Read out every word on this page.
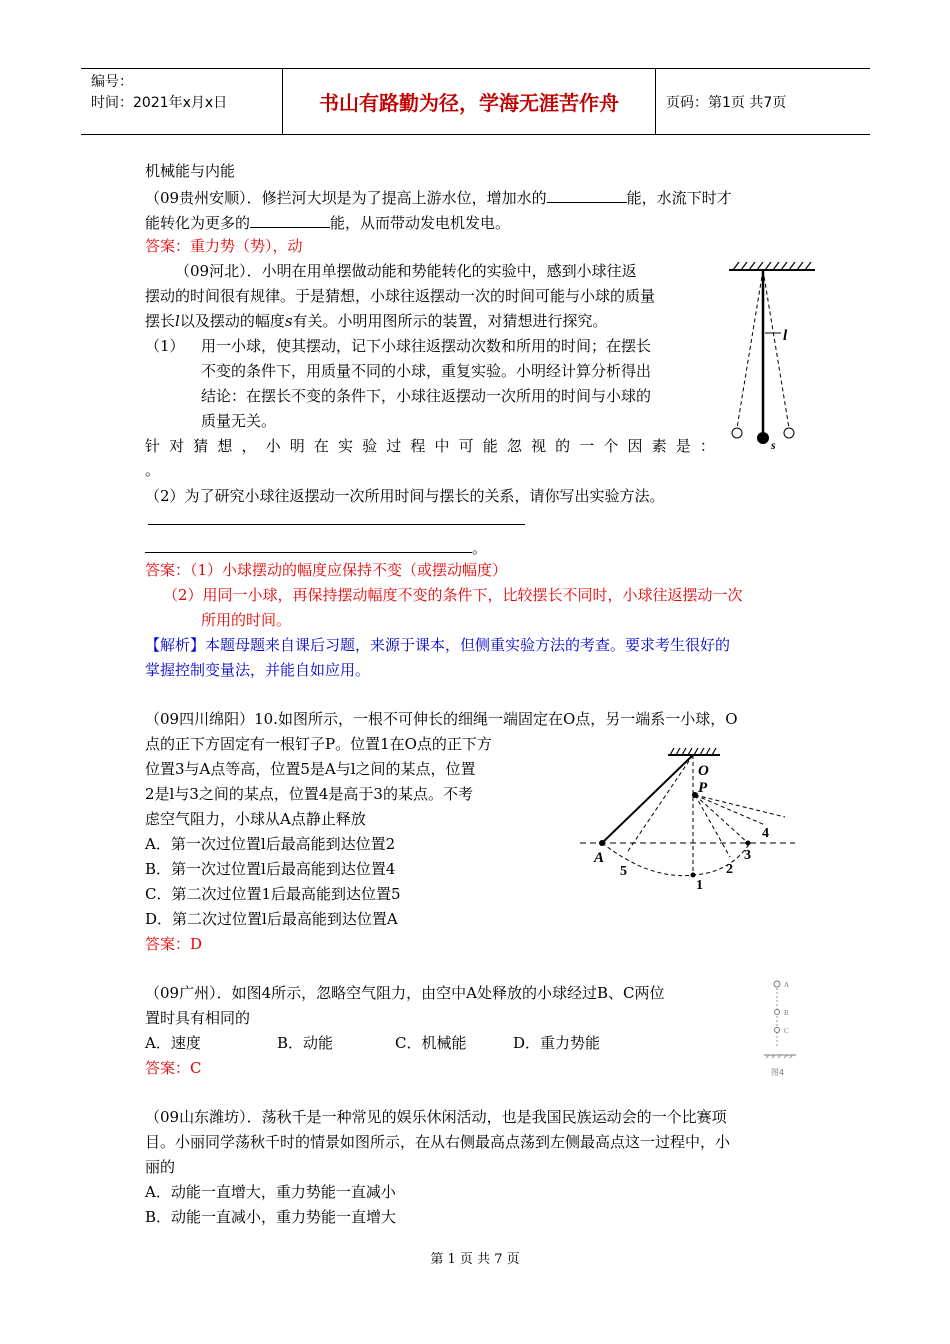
编号：
时间：2021年x月x日	书山有路勤为径，学海无涯苦作舟	页码：第1页 共7页
机械能与内能
（09贵州安顺）．修拦河大坝是为了提高上游水位，增加水的	能，水流下时才
能转化为更多的	能，从而带动发电机发电。
答案：重力势（势），动
（09河北）．小明在用单摆做动能和势能转化的实验中，感到小球往返
摆动的时间很有规律。于是猜想，小球往返摆动一次的时间可能与小球的质量
摆长l以及摆动的幅度s有关。小明用图所示的装置，对猜想进行探究。
（1） 用一小球，使其摆动，记下小球往返摆动次数和所用的时间；在摆长
不变的条件下，用质量不同的小球，重复实验。小明经计算分析得出
结论：在摆长不变的条件下，小球往返摆动一次所用的时间与小球的
质量无关。
针 对 猜 想 ， 小 明 在 实 验 过 程 中 可 能 忽 视 的 一 个 因 素 是 ：
。
（2）为了研究小球往返摆动一次所用时间与摆长的关系，请你写出实验方法。
。
答案：（1）小球摆动的幅度应保持不变（或摆动幅度）
（2）用同一小球，再保持摆动幅度不变的条件下，比较摆长不同时，小球往返摆动一次
所用的时间。
【解析】本题母题来自课后习题，来源于课本，但侧重实验方法的考查。要求考生很好的
掌握控制变量法，并能自如应用。
l
s
（09四川绵阳）10.如图所示，一根不可伸长的细绳一端固定在O点，另一端系一小球，O
点的正下方固定有一根钉子P。位置1在O点的正下方
位置3与A点等高，位置5是A与l之间的某点，位置
2是l与3之间的某点，位置4是高于3的某点。不考
虑空气阻力，小球从A点静止释放
A．第一次过位置l后最高能到达位置2
B．第一次过位置l后最高能到达位置4
C．第二次过位置1后最高能到达位置5
D．第二次过位置l后最高能到达位置A
答案：D
O
P
A
1
2
3
4
5
（09广州）．如图4所示，忽略空气阻力，由空中A处释放的小球经过B、C两位
置时具有相同的
A．速度	B．动能	C．机械能	D．重力势能
答案：C
A
B
C
图4
（09山东潍坊）．荡秋千是一种常见的娱乐休闲活动，也是我国民族运动会的一个比赛项
目。小丽同学荡秋千时的情景如图所示，在从右侧最高点荡到左侧最高点这一过程中，小
丽的
A．动能一直增大，重力势能一直减小
B．动能一直减小，重力势能一直增大
第 1 页 共 7 页
